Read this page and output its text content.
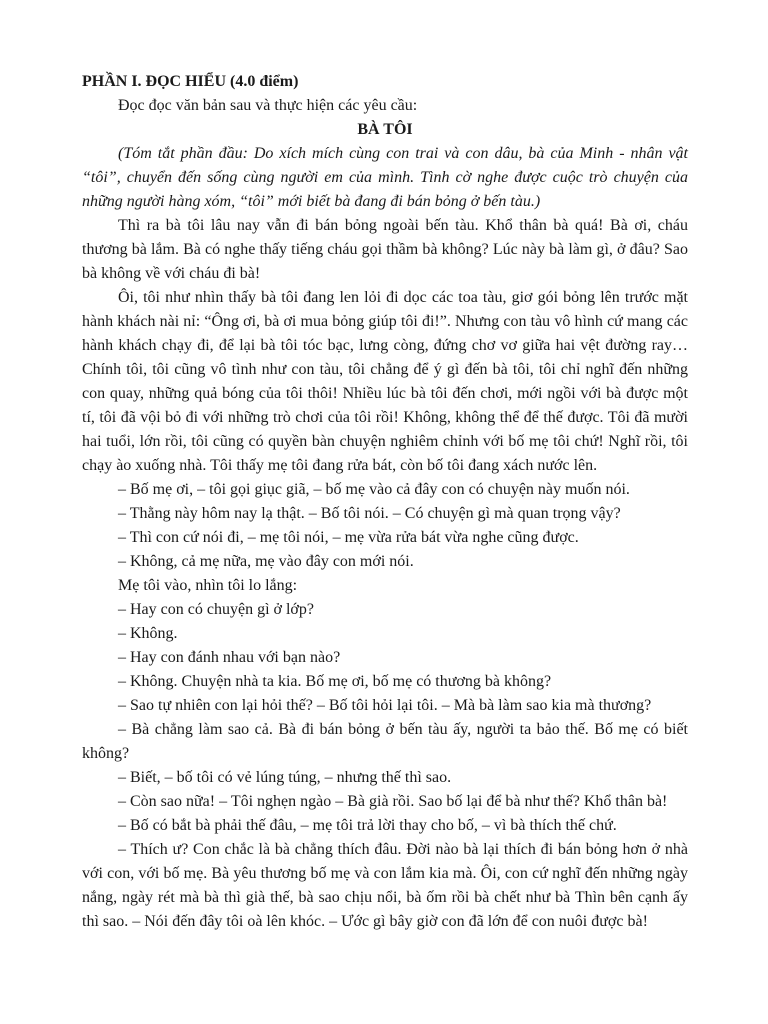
PHẦN I. ĐỌC HIỂU (4.0 điểm)

Đọc đọc văn bản sau và thực hiện các yêu cầu:

BÀ TÔI

(Tóm tắt phần đầu: Do xích mích cùng con trai và con dâu, bà của Minh - nhân vật “tôi”, chuyển đến sống cùng người em của mình. Tình cờ nghe được cuộc trò chuyện của những người hàng xóm, “tôi” mới biết bà đang đi bán bỏng ở bến tàu.)

Thì ra bà tôi lâu nay vẫn đi bán bỏng ngoài bến tàu. Khổ thân bà quá! Bà ơi, cháu thương bà lắm. Bà có nghe thấy tiếng cháu gọi thầm bà không? Lúc này bà làm gì, ở đâu? Sao bà không về với cháu đi bà!

Ôi, tôi như nhìn thấy bà tôi đang len lỏi đi dọc các toa tàu, giơ gói bỏng lên trước mặt hành khách nài nỉ: “Ông ơi, bà ơi mua bỏng giúp tôi đi!”. Nhưng con tàu vô hình cứ mang các hành khách chạy đi, để lại bà tôi tóc bạc, lưng còng, đứng chơ vơ giữa hai vệt đường ray… Chính tôi, tôi cũng vô tình như con tàu, tôi chẳng để ý gì đến bà tôi, tôi chỉ nghĩ đến những con quay, những quả bóng của tôi thôi! Nhiều lúc bà tôi đến chơi, mới ngồi với bà được một tí, tôi đã vội bỏ đi với những trò chơi của tôi rồi! Không, không thể để thế được. Tôi đã mười hai tuổi, lớn rồi, tôi cũng có quyền bàn chuyện nghiêm chỉnh với bố mẹ tôi chứ! Nghĩ rồi, tôi chạy ào xuống nhà. Tôi thấy mẹ tôi đang rửa bát, còn bố tôi đang xách nước lên.

– Bố mẹ ơi, – tôi gọi giục giã, – bố mẹ vào cả đây con có chuyện này muốn nói.

– Thằng này hôm nay lạ thật. – Bố tôi nói. – Có chuyện gì mà quan trọng vậy?

– Thì con cứ nói đi, – mẹ tôi nói, – mẹ vừa rửa bát vừa nghe cũng được.

– Không, cả mẹ nữa, mẹ vào đây con mới nói.

Mẹ tôi vào, nhìn tôi lo lắng:

– Hay con có chuyện gì ở lớp?

– Không.

– Hay con đánh nhau với bạn nào?

– Không. Chuyện nhà ta kia. Bố mẹ ơi, bố mẹ có thương bà không?

– Sao tự nhiên con lại hỏi thế? – Bố tôi hỏi lại tôi. – Mà bà làm sao kia mà thương?

– Bà chẳng làm sao cả. Bà đi bán bỏng ở bến tàu ấy, người ta bảo thế. Bố mẹ có biết không?

– Biết, – bố tôi có vẻ lúng túng, – nhưng thế thì sao.

– Còn sao nữa! – Tôi nghẹn ngào – Bà già rồi. Sao bố lại để bà như thế? Khổ thân bà!

– Bố có bắt bà phải thế đâu, – mẹ tôi trả lời thay cho bố, – vì bà thích thế chứ.

– Thích ư? Con chắc là bà chẳng thích đâu. Đời nào bà lại thích đi bán bỏng hơn ở nhà với con, với bố mẹ. Bà yêu thương bố mẹ và con lắm kia mà. Ôi, con cứ nghĩ đến những ngày nắng, ngày rét mà bà thì già thế, bà sao chịu nổi, bà ốm rồi bà chết như bà Thìn bên cạnh ấy thì sao. – Nói đến đây tôi oà lên khóc. – Ước gì bây giờ con đã lớn để con nuôi được bà!
